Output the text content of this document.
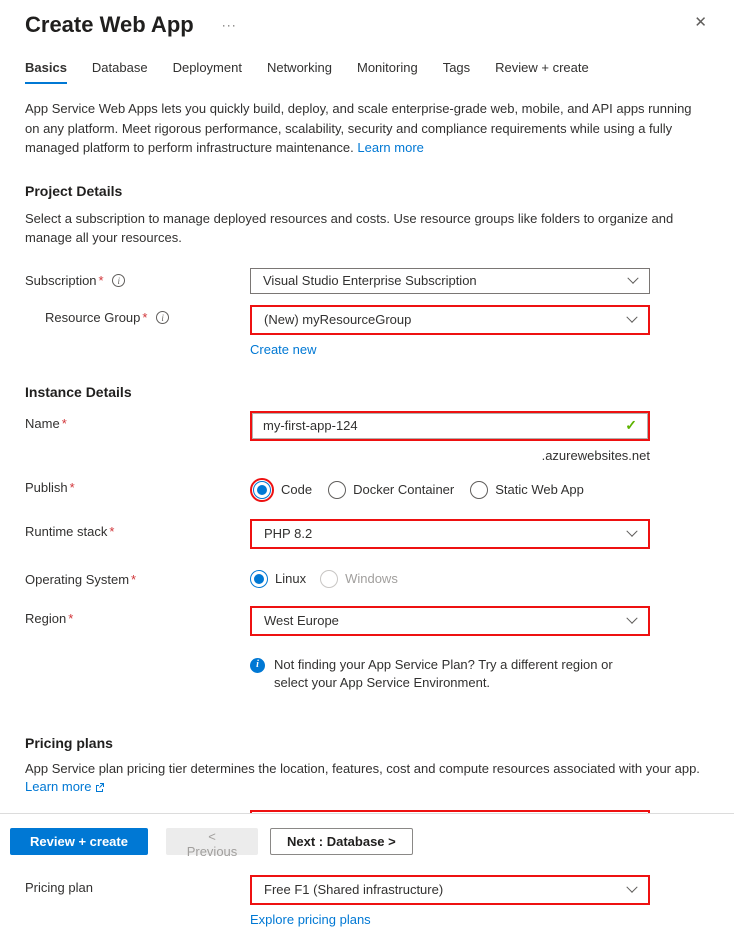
Create Web App ···	✕
Basics Database Deployment Networking Monitoring Tags Review + create

App Service Web Apps lets you quickly build, deploy, and scale enterprise-grade web, mobile, and API apps running on any platform. Meet rigorous performance, scalability, security and compliance requirements while using a fully managed platform to perform infrastructure maintenance. Learn more

Project Details

Select a subscription to manage deployed resources and costs. Use resource groups like folders to organize and manage all your resources.

Subscription * i	Visual Studio Enterprise Subscription
Resource Group * i	(New) myResourceGroup
Create new
Instance Details
Name *
my-first-app-124	✓
.azurewebsites.net
Publish *	Code	Docker Container	Static Web App
Runtime stack *	PHP 8.2
Operating System *	Linux	Windows
Region *	West Europe
i	Not finding your App Service Plan? Try a different region or select your App Service Environment.
Pricing plans

App Service plan pricing tier determines the location, features, cost and compute resources associated with your app.
Learn more

Pricing plan	Free F1 (Shared infrastructure)
Explore pricing plans
Review + create	< Previous
Next : Database >
